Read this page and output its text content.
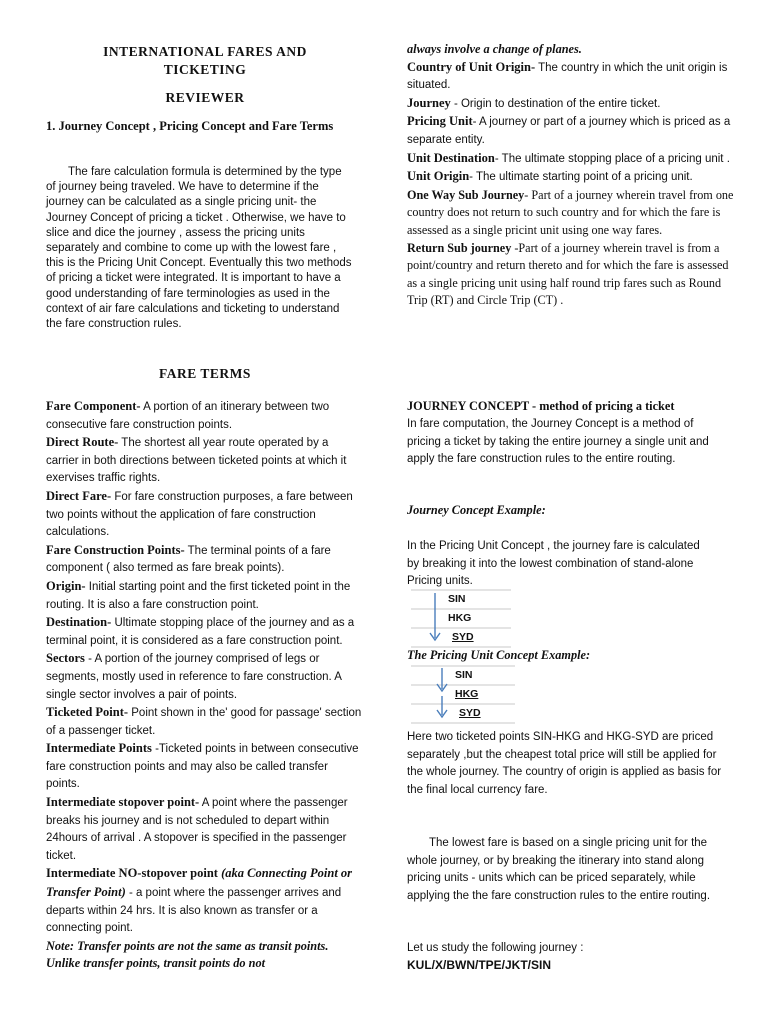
INTERNATIONAL FARES AND
TICKETING
REVIEWER
1. Journey Concept , Pricing Concept and Fare Terms

The fare calculation formula is determined by the type of journey being traveled. We have to determine if the journey can be calculated as a single pricing unit- the Journey Concept of pricing a ticket . Otherwise, we have to slice and dice the journey , assess the pricing units separately and combine to come up with the lowest fare , this is the Pricing Unit Concept. Eventually this two methods of pricing a ticket were integrated. It is important to have a good understanding of fare terminologies as used in the context of air fare calculations and ticketing to understand the fare construction rules.

FARE TERMS

Fare Component- A portion of an itinerary between two consecutive fare construction points.

Direct Route- The shortest all year route operated by a carrier in both directions between ticketed points at which it exervises traffic rights.

Direct Fare- For fare construction purposes, a fare between two points without the application of fare construction calculations.

Fare Construction Points- The terminal points of a fare component ( also termed as fare break points).

Origin- Initial starting point and the first ticketed point in the routing. It is also a fare construction point.

Destination- Ultimate stopping place of the journey and as a terminal point, it is considered as a fare construction point.

Sectors - A portion of the journey comprised of legs or segments, mostly used in reference to fare construction. A single sector involves a pair of points.

Ticketed Point- Point shown in the' good for passage' section of a passenger ticket.

Intermediate Points -Ticketed points in between consecutive fare construction points and may also be called transfer points.

Intermediate stopover point- A point where the passenger breaks his journey and is not scheduled to depart within 24hours of arrival . A stopover is specified in the passenger ticket.

Intermediate NO-stopover point (aka Connecting Point or Transfer Point) - a point where the passenger arrives and departs within 24 hrs. It is also known as transfer or a connecting point.

Note: Transfer points are not the same as transit points. Unlike transfer points, transit points do not

always involve a change of planes.

Country of Unit Origin- The country in which the unit origin is situated.

Journey - Origin to destination of the entire ticket.

Pricing Unit- A journey or part of a journey which is priced as a separate entity.

Unit Destination- The ultimate stopping place of a pricing unit .

Unit Origin- The ultimate starting point of a pricing unit.

One Way Sub Journey- Part of a journey wherein travel from one country does not return to such country and for which the fare is assessed as a single pricint unit using one way fares.

Return Sub journey -Part of a journey wherein travel is from a point/country and return thereto and for which the fare is assessed as a single pricing unit using half round trip fares such as Round Trip (RT) and Circle Trip (CT) .

JOURNEY CONCEPT - method of pricing a ticket

In fare computation, the Journey Concept is a method of pricing a ticket by taking the entire journey a single unit and apply the fare construction rules to the entire routing.

Journey Concept Example:

In the Pricing Unit Concept , the journey fare is calculated by breaking it into the lowest combination of stand-alone Pricing units.

SIN
HKG
SYD
The Pricing Unit Concept Example:
SIN
HKG
SYD

Here two ticketed points SIN-HKG and HKG-SYD are priced separately ,but the cheapest total price will still be applied for the whole journey. The country of origin is applied as basis for the final local currency fare.

The lowest fare is based on a single pricing unit for the whole journey, or by breaking the itinerary into stand along pricing units - units which can be priced separately, while applying the the fare construction rules to the entire routing.

Let us study the following journey :

KUL/X/BWN/TPE/JKT/SIN
